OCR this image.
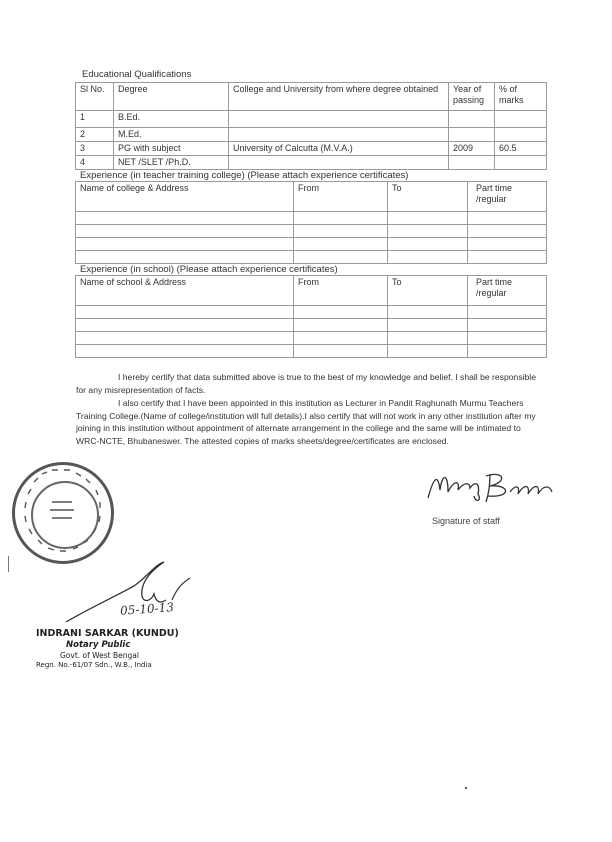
Educational Qualifications
Sl No.	Degree	College and University from where degree obtained	Year of passing	% of marks
1	B.Ed.			
2	M.Ed.			
3	PG with subject	University of Calcutta (M.V.A.)	2009	60.5
4	NET /SLET /Ph.D.			
Experience (in teacher training college) (Please attach experience certificates)
Name of college & Address	From	To	Part time /regular

Experience (in school) (Please attach experience certificates)
Name of school & Address	From	To	Part time /regular

I hereby certify that data submitted above is true to the best of my knowledge and belief. I shall be responsible for any misrepresentation of facts.
I also certify that I have been appointed in this institution as Lecturer in Pandit Raghunath Murmu Teachers Training College.(Name of college/institution will full details).I also certify that will not work in any other institution after my joining in this institution without appointment of alternate arrangement in the college and the same will be intimated to WRC-NCTE, Bhubaneswer. The attested copies of marks sheets/degree/certificates are enclosed.
Signature of staff
05-10-13
INDRANI SARKAR (KUNDU)
Notary Public
Govt. of West Bengal
Regn. No.-61/07 Sdn., W.B., India
